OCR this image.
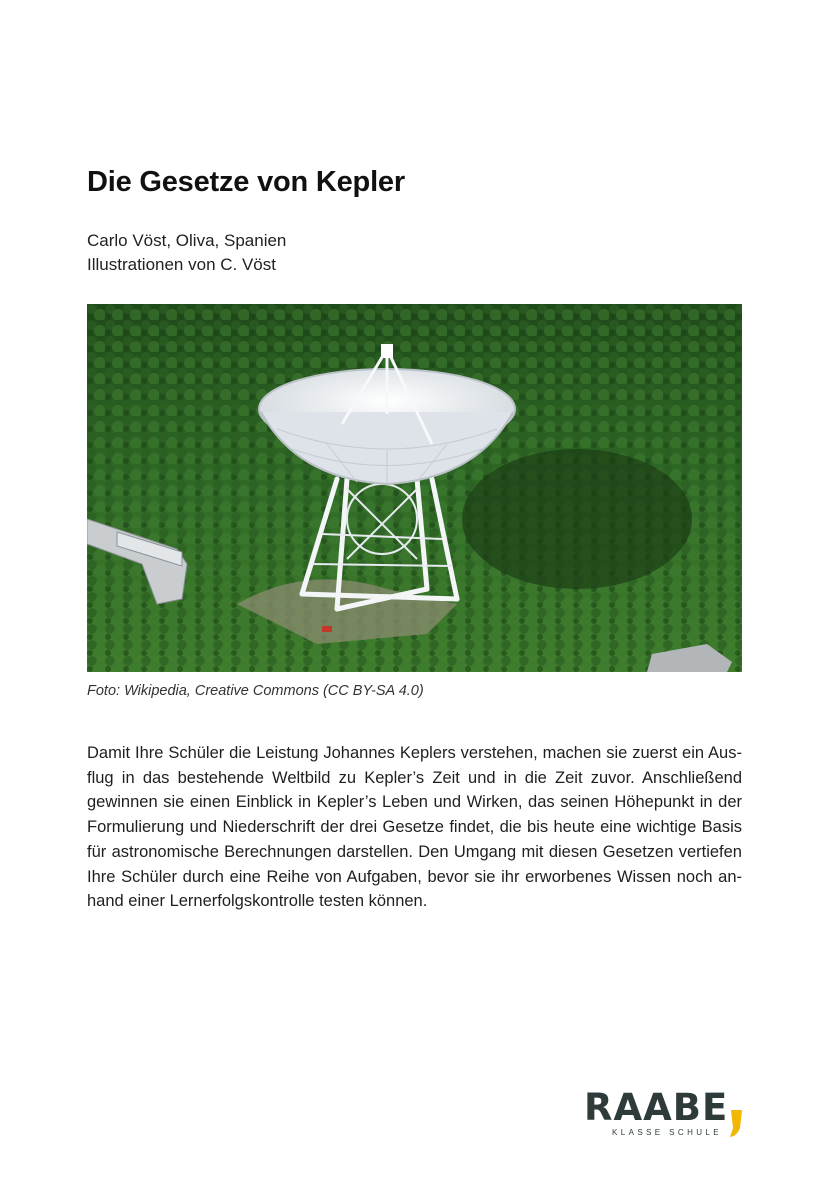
Die Gesetze von Kepler
Carlo Vöst, Oliva, Spanien
Illustrationen von C. Vöst
Foto: Wikipedia, Creative Commons (CC BY-SA 4.0)

Damit Ihre Schüler die Leistung Johannes Keplers verstehen, machen sie zuerst ein Ausflug in das bestehende Weltbild zu Kepler’s Zeit und in die Zeit zuvor. Anschließend gewinnen sie einen Einblick in Kepler’s Leben und Wirken, das seinen Höhepunkt in der Formulierung und Niederschrift der drei Gesetze findet, die bis heute eine wichtige Basis für astronomische Berechnungen darstellen. Den Umgang mit diesen Gesetzen vertiefen Ihre Schüler durch eine Reihe von Aufgaben, bevor sie ihr erworbenes Wissen noch anhand einer Lernerfolgskontrolle testen können.

RAABE
KLASSE SCHULE
